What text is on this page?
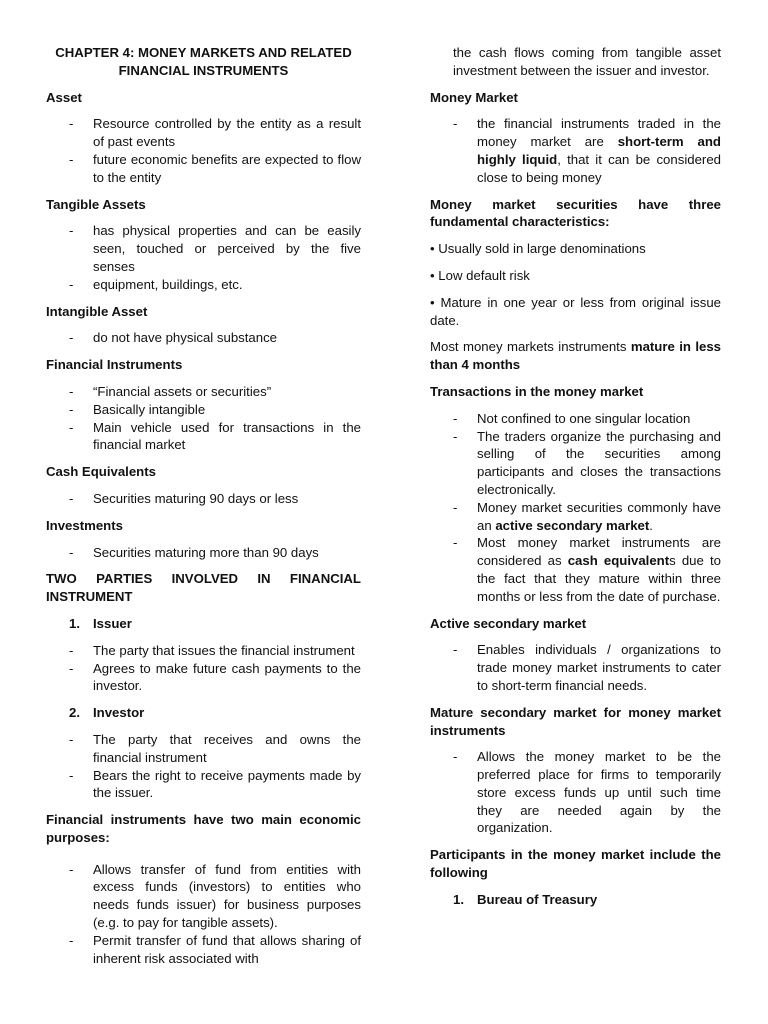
CHAPTER 4: MONEY MARKETS AND RELATED
FINANCIAL INSTRUMENTS
Asset
- Resource controlled by the entity as a result of past events
- future economic benefits are expected to flow to the entity
Tangible Assets
- has physical properties and can be easily seen, touched or perceived by the five senses
- equipment, buildings, etc.
Intangible Asset
- do not have physical substance
Financial Instruments
- “Financial assets or securities”
- Basically intangible
- Main vehicle used for transactions in the financial market
Cash Equivalents
- Securities maturing 90 days or less
Investments
- Securities maturing more than 90 days
TWO PARTIES INVOLVED IN FINANCIAL INSTRUMENT
1. Issuer
- The party that issues the financial instrument
- Agrees to make future cash payments to the investor.
2. Investor
- The party that receives and owns the financial instrument
- Bears the right to receive payments made by the issuer.
Financial instruments have two main economic purposes:
- Allows transfer of fund from entities with excess funds (investors) to entities who needs funds issuer) for business purposes (e.g. to pay for tangible assets).
- Permit transfer of fund that allows sharing of inherent risk associated with
the cash flows coming from tangible asset investment between the issuer and investor.
Money Market
- the financial instruments traded in the money market are short-term and highly liquid, that it can be considered close to being money
Money market securities have three fundamental characteristics:
• Usually sold in large denominations
• Low default risk
• Mature in one year or less from original issue date.
Most money markets instruments mature in less than 4 months
Transactions in the money market
- Not confined to one singular location
- The traders organize the purchasing and selling of the securities among participants and closes the transactions electronically.
- Money market securities commonly have an active secondary market.
- Most money market instruments are considered as cash equivalents due to the fact that they mature within three months or less from the date of purchase.
Active secondary market
- Enables individuals / organizations to trade money market instruments to cater to short-term financial needs.
Mature secondary market for money market instruments
- Allows the money market to be the preferred place for firms to temporarily store excess funds up until such time they are needed again by the organization.
Participants in the money market include the following
1. Bureau of Treasury
